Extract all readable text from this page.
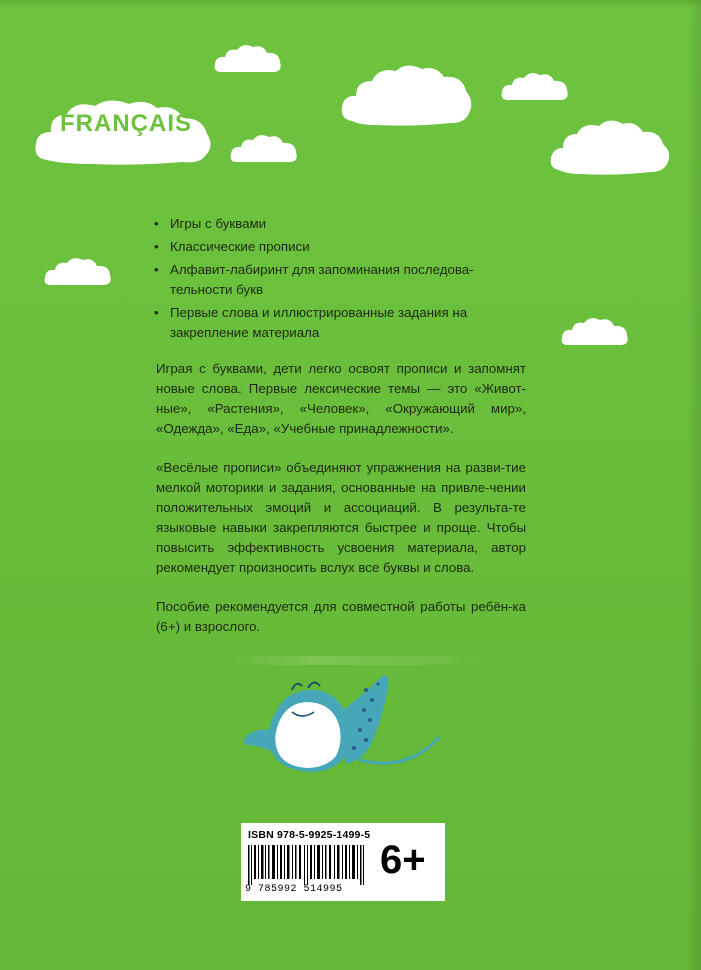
FRANÇAIS
• Игры с буквами
• Классические прописи
• Алфавит-лабиринт для запоминания последова-тельности букв
• Первые слова и иллюстрированные задания на закрепление материала

Играя с буквами, дети легко освоят прописи и запомнят новые слова. Первые лексические темы — это «Живот-ные», «Растения», «Человек», «Окружающий мир», «Одежда», «Еда», «Учебные принадлежности».

«Весёлые прописи» объединяют упражнения на разви-тие мелкой моторики и задания, основанные на привле-чении положительных эмоций и ассоциаций. В результа-те языковые навыки закрепляются быстрее и проще. Чтобы повысить эффективность усвоения материала, автор рекомендует произносить вслух все буквы и слова.

Пособие рекомендуется для совместной работы ребён-ка (6+) и взрослого.

ISBN 978-5-9925-1499-5
9 785992 514995
6+
